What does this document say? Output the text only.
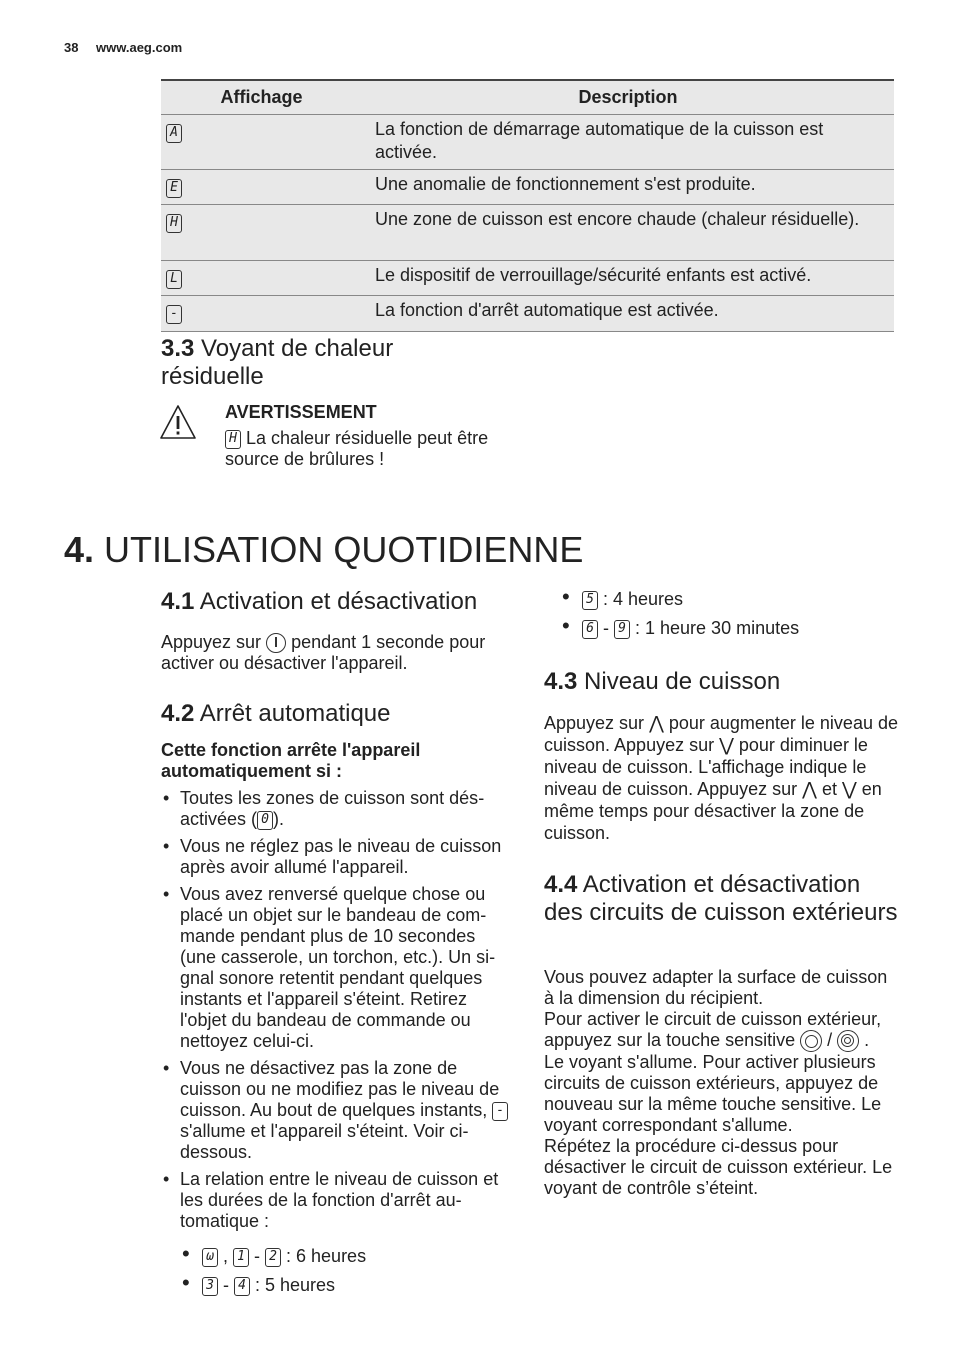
38 www.aeg.com
Affichage	Description
A	La fonction de démarrage automatique de la cuisson est activée.
E	Une anomalie de fonctionnement s'est produite.
H	Une zone de cuisson est encore chaude (chaleur résiduelle).
L	Le dispositif de verrouillage/sécurité enfants est activé.
-	La fonction d'arrêt automatique est activée.
3.3 Voyant de chaleur résiduelle
AVERTISSEMENT
H La chaleur résiduelle peut être source de brûlures !
4. UTILISATION QUOTIDIENNE
4.1 Activation et désactivation
Appuyez sur
pendant 1 seconde pour activer ou désactiver l'appareil.
4.2 Arrêt automatique
Cette fonction arrête l'appareil automatiquement si :
• Toutes les zones de cuisson sont désactivées ( 0 ).
• Vous ne réglez pas le niveau de cuisson après avoir allumé l'appareil.
• Vous avez renversé quelque chose ou placé un objet sur le bandeau de commande pendant plus de 10 secondes (une casserole, un torchon, etc.). Un signal sonore retentit pendant quelques instants et l'appareil s'éteint. Retirez l'objet du bandeau de commande ou nettoyez celui-ci.
• Vous ne désactivez pas la zone de cuisson ou ne modifiez pas le niveau de cuisson. Au bout de quelques instants, - s'allume et l'appareil s'éteint. Voir ci-dessous.
• La relation entre le niveau de cuisson et les durées de la fonction d'arrêt automatique :
• ω , 1 - 2 : 6 heures
• 3 - 4 : 5 heures
• 5 : 4 heures
• 6 - 9 : 1 heure 30 minutes
4.3 Niveau de cuisson
Appuyez sur ⋀ pour augmenter le niveau de cuisson. Appuyez sur ⋁ pour diminuer le niveau de cuisson. L'affichage indique le niveau de cuisson. Appuyez sur ⋀ et ⋁ en même temps pour désactiver la zone de cuisson.
4.4 Activation et désactivation des circuits de cuisson extérieurs
Vous pouvez adapter la surface de cuisson à la dimension du récipient.
Pour activer le circuit de cuisson extérieur, appuyez sur la touche sensitive
/
. Le voyant s'allume. Pour activer plusieurs circuits de cuisson extérieurs, appuyez de nouveau sur la même touche sensitive. Le voyant correspondant s'allume.
Répétez la procédure ci-dessus pour désactiver le circuit de cuisson extérieur. Le voyant de contrôle s’éteint.
